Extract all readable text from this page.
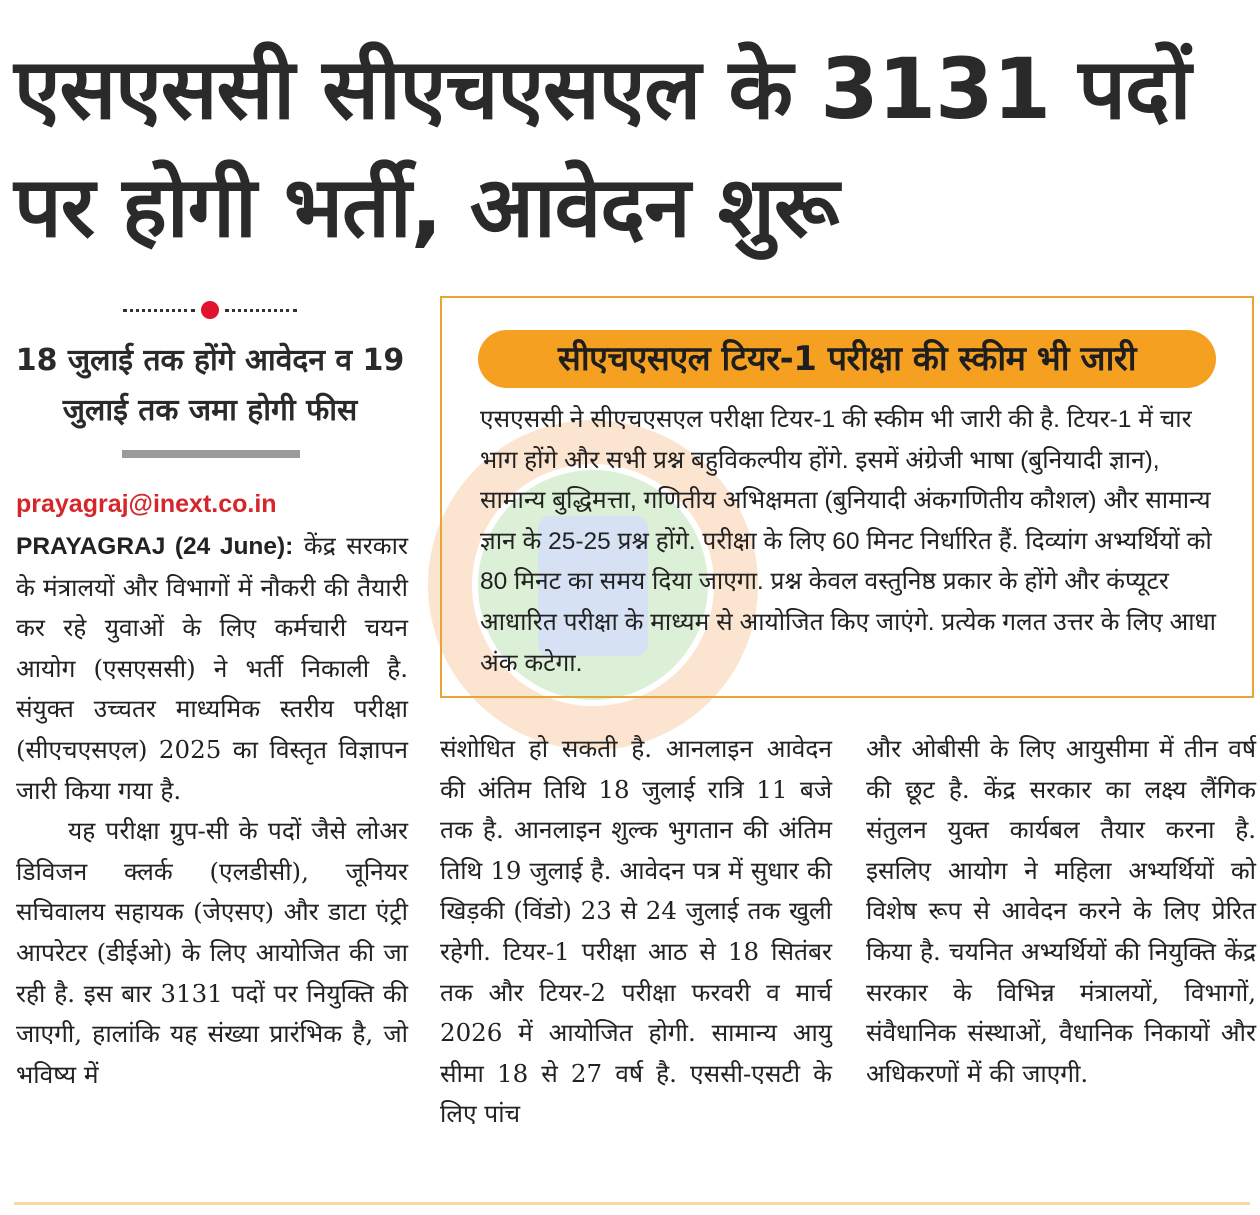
एसएससी सीएचएसएल के 3131 पदों पर होगी भर्ती, आवेदन शुरू
18 जुलाई तक होंगे आवेदन व 19 जुलाई तक जमा होगी फीस
prayagraj@inext.co.in

PRAYAGRAJ (24 June): केंद्र सरकार के मंत्रालयों और विभागों में नौकरी की तैयारी कर रहे युवाओं के लिए कर्मचारी चयन आयोग (एसएससी) ने भर्ती निकाली है. संयुक्त उच्चतर माध्यमिक स्तरीय परीक्षा (सीएचएसएल) 2025 का विस्तृत विज्ञापन जारी किया गया है.

यह परीक्षा ग्रुप-सी के पदों जैसे लोअर डिविजन क्लर्क (एलडीसी), जूनियर सचिवालय सहायक (जेएसए) और डाटा एंट्री आपरेटर (डीईओ) के लिए आयोजित की जा रही है. इस बार 3131 पदों पर नियुक्ति की जाएगी, हालांकि यह संख्या प्रारंभिक है, जो भविष्य में

सीएचएसएल टियर-1 परीक्षा की स्कीम भी जारी

एसएससी ने सीएचएसएल परीक्षा टियर-1 की स्कीम भी जारी की है. टियर-1 में चार भाग होंगे और सभी प्रश्न बहुविकल्पीय होंगे. इसमें अंग्रेजी भाषा (बुनियादी ज्ञान), सामान्य बुद्धिमत्ता, गणितीय अभिक्षमता (बुनियादी अंकगणितीय कौशल) और सामान्य ज्ञान के 25-25 प्रश्न होंगे. परीक्षा के लिए 60 मिनट निर्धारित हैं. दिव्यांग अभ्यर्थियों को 80 मिनट का समय दिया जाएगा. प्रश्न केवल वस्तुनिष्ठ प्रकार के होंगे और कंप्यूटर आधारित परीक्षा के माध्यम से आयोजित किए जाएंगे. प्रत्येक गलत उत्तर के लिए आधा अंक कटेगा.

संशोधित हो सकती है. आनलाइन आवेदन की अंतिम तिथि 18 जुलाई रात्रि 11 बजे तक है. आनलाइन शुल्क भुगतान की अंतिम तिथि 19 जुलाई है. आवेदन पत्र में सुधार की खिड़की (विंडो) 23 से 24 जुलाई तक खुली रहेगी. टियर-1 परीक्षा आठ से 18 सितंबर तक और टियर-2 परीक्षा फरवरी व मार्च 2026 में आयोजित होगी. सामान्य आयु सीमा 18 से 27 वर्ष है. एससी-एसटी के लिए पांच

और ओबीसी के लिए आयुसीमा में तीन वर्ष की छूट है. केंद्र सरकार का लक्ष्य लैंगिक संतुलन युक्त कार्यबल तैयार करना है. इसलिए आयोग ने महिला अभ्यर्थियों को विशेष रूप से आवेदन करने के लिए प्रेरित किया है. चयनित अभ्यर्थियों की नियुक्ति केंद्र सरकार के विभिन्न मंत्रालयों, विभागों, संवैधानिक संस्थाओं, वैधानिक निकायों और अधिकरणों में की जाएगी.
